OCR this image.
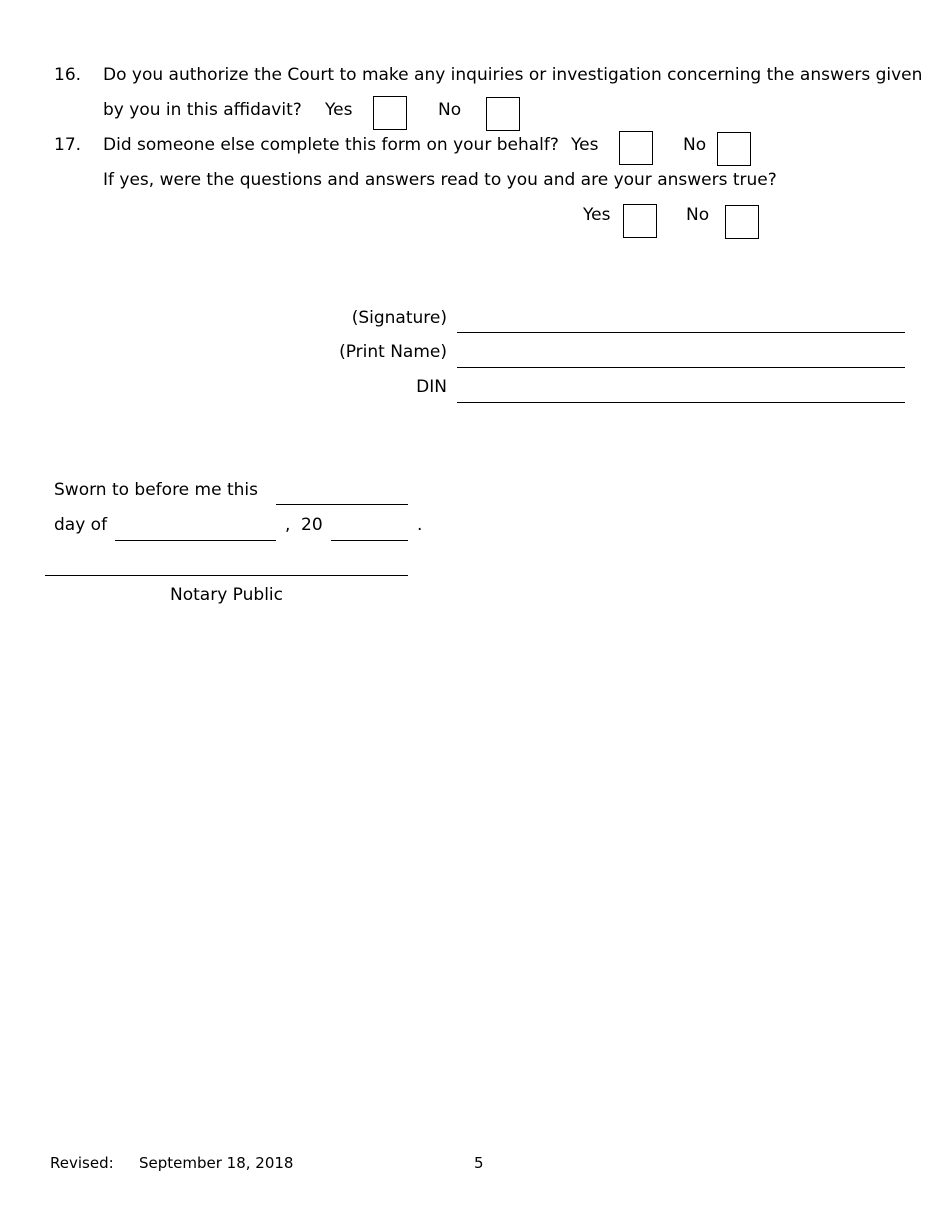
16. Do you authorize the Court to make any inquiries or investigation concerning the answers given
by you in this affidavit? Yes	No
17. Did someone else complete this form on your behalf? Yes	No
If yes, were the questions and answers read to you and are your answers true?
Yes	No
(Signature)
(Print Name)
DIN
Sworn to before me this
day of	, 20	.
Notary Public
Revised: September 18, 2018	5
